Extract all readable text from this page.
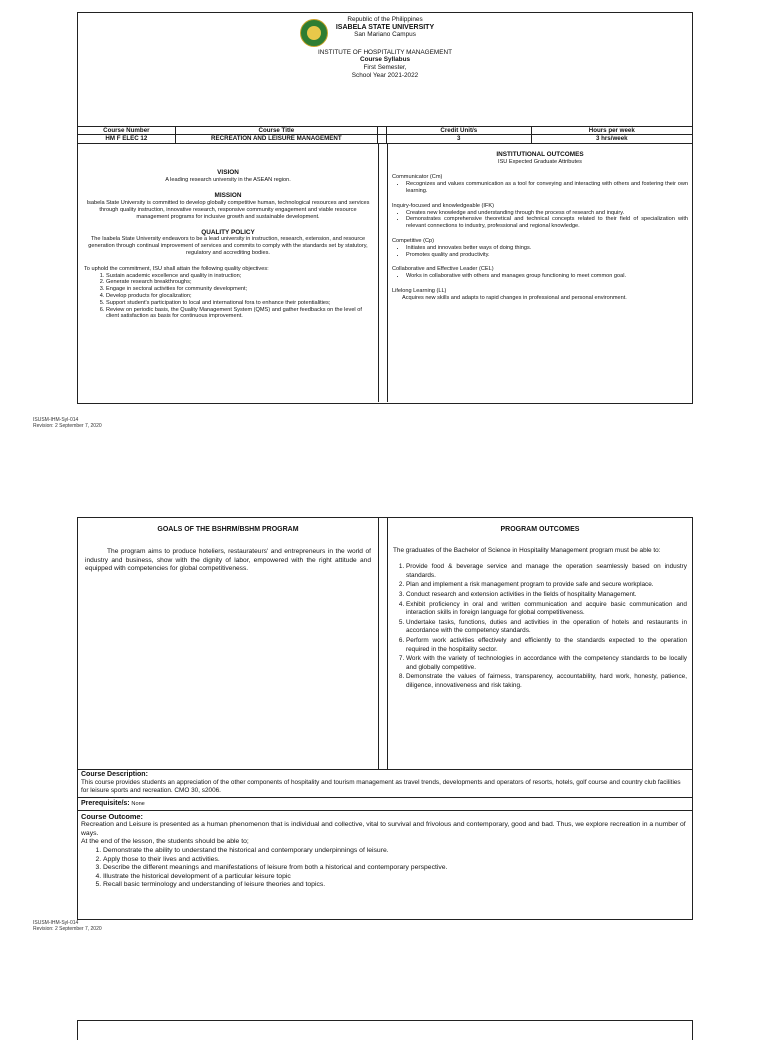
Republic of the Philippines
ISABELA STATE UNIVERSITY
San Mariano Campus
INSTITUTE OF HOSPITALITY MANAGEMENT
Course Syllabus
First Semester,
School Year 2021-2022
Course Number	Course Title	Credit Unit/s	Hours per week
HM F ELEC 12	RECREATION AND LEISURE MANAGEMENT	3	3 hrs/week
VISION
A leading research university in the ASEAN region.
MISSION
Isabela State University is committed to develop globally competitive human, technological resources and services through quality instruction, innovative research, responsive community engagement and viable resource management programs for inclusive growth and sustainable development.
QUALITY POLICY
The Isabela State University endeavors to be a lead university in instruction, research, extension, and resource generation through continual improvement of services and commits to comply with the standards set by statutory, regulatory and accrediting bodies.
To uphold the commitment, ISU shall attain the following quality objectives:
1. Sustain academic excellence and quality in instruction;
2. Generate research breakthroughs;
3. Engage in sectoral activities for community development;
4. Develop products for glocalization;
5. Support student's participation to local and international fora to enhance their potentialities;
6. Review on periodic basis, the Quality Management System (QMS) and gather feedbacks on the level of client satisfaction as basis for continuous improvement.
INSTITUTIONAL OUTCOMES
ISU Expected Graduate Attributes
Communicator (Cm)
• Recognizes and values communication as a tool for conveying and interacting with others and fostering their own learning.
Inquiry-focused and knowledgeable (IFK)
• Creates new knowledge and understanding through the process of research and inquiry.
• Demonstrates comprehensive theoretical and technical concepts related to their field of specialization with relevant connections to industry, professional and regional knowledge.
Competitive (Cp)
• Initiates and innovates better ways of doing things.
• Promotes quality and productivity.
Collaborative and Effective Leader (CEL)
• Works in collaborative with others and manages group functioning to meet common goal.
Lifelong Learning (LL)
Acquires new skills and adapts to rapid changes in professional and personal environment.
ISUSM-IHM-Syl-014
Revision: 2 September 7, 2020
GOALS OF THE BSHRM/BSHM PROGRAM
The program aims to produce hoteliers, restaurateurs' and entrepreneurs in the world of industry and business, show with the dignity of labor, empowered with the right attitude and equipped with competencies for global competitiveness.
PROGRAM OUTCOMES
The graduates of the Bachelor of Science in Hospitality Management program must be able to:
1. Provide food & beverage service and manage the operation seamlessly based on industry standards.
2. Plan and implement a risk management program to provide safe and secure workplace.
3. Conduct research and extension activities in the fields of hospitality Management.
4. Exhibit proficiency in oral and written communication and acquire basic communication and interaction skills in foreign language for global competitiveness.
5. Undertake tasks, functions, duties and activities in the operation of hotels and restaurants in accordance with the competency standards.
6. Perform work activities effectively and efficiently to the standards expected to the operation required in the hospitality sector.
7. Work with the variety of technologies in accordance with the competency standards to be locally and globally competitive.
8. Demonstrate the values of fairness, transparency, accountability, hard work, honesty, patience, diligence, innovativeness and risk taking.
Course Description:
This course provides students an appreciation of the other components of hospitality and tourism management as travel trends, developments and operators of resorts, hotels, golf course and country club facilities for leisure sports and recreation. CMO 30, s2006.
Prerequisite/s: None
Course Outcome:
Recreation and Leisure is presented as a human phenomenon that is individual and collective, vital to survival and frivolous and contemporary, good and bad. Thus, we explore recreation in a number of ways.
At the end of the lesson, the students should be able to;
1. Demonstrate the ability to understand the historical and contemporary underpinnings of leisure.
2. Apply those to their lives and activities.
3. Describe the different meanings and manifestations of leisure from both a historical and contemporary perspective.
4. Illustrate the historical development of a particular leisure topic
5. Recall basic terminology and understanding of leisure theories and topics.
ISUSM-IHM-Syl-014
Revision: 2 September 7, 2020
